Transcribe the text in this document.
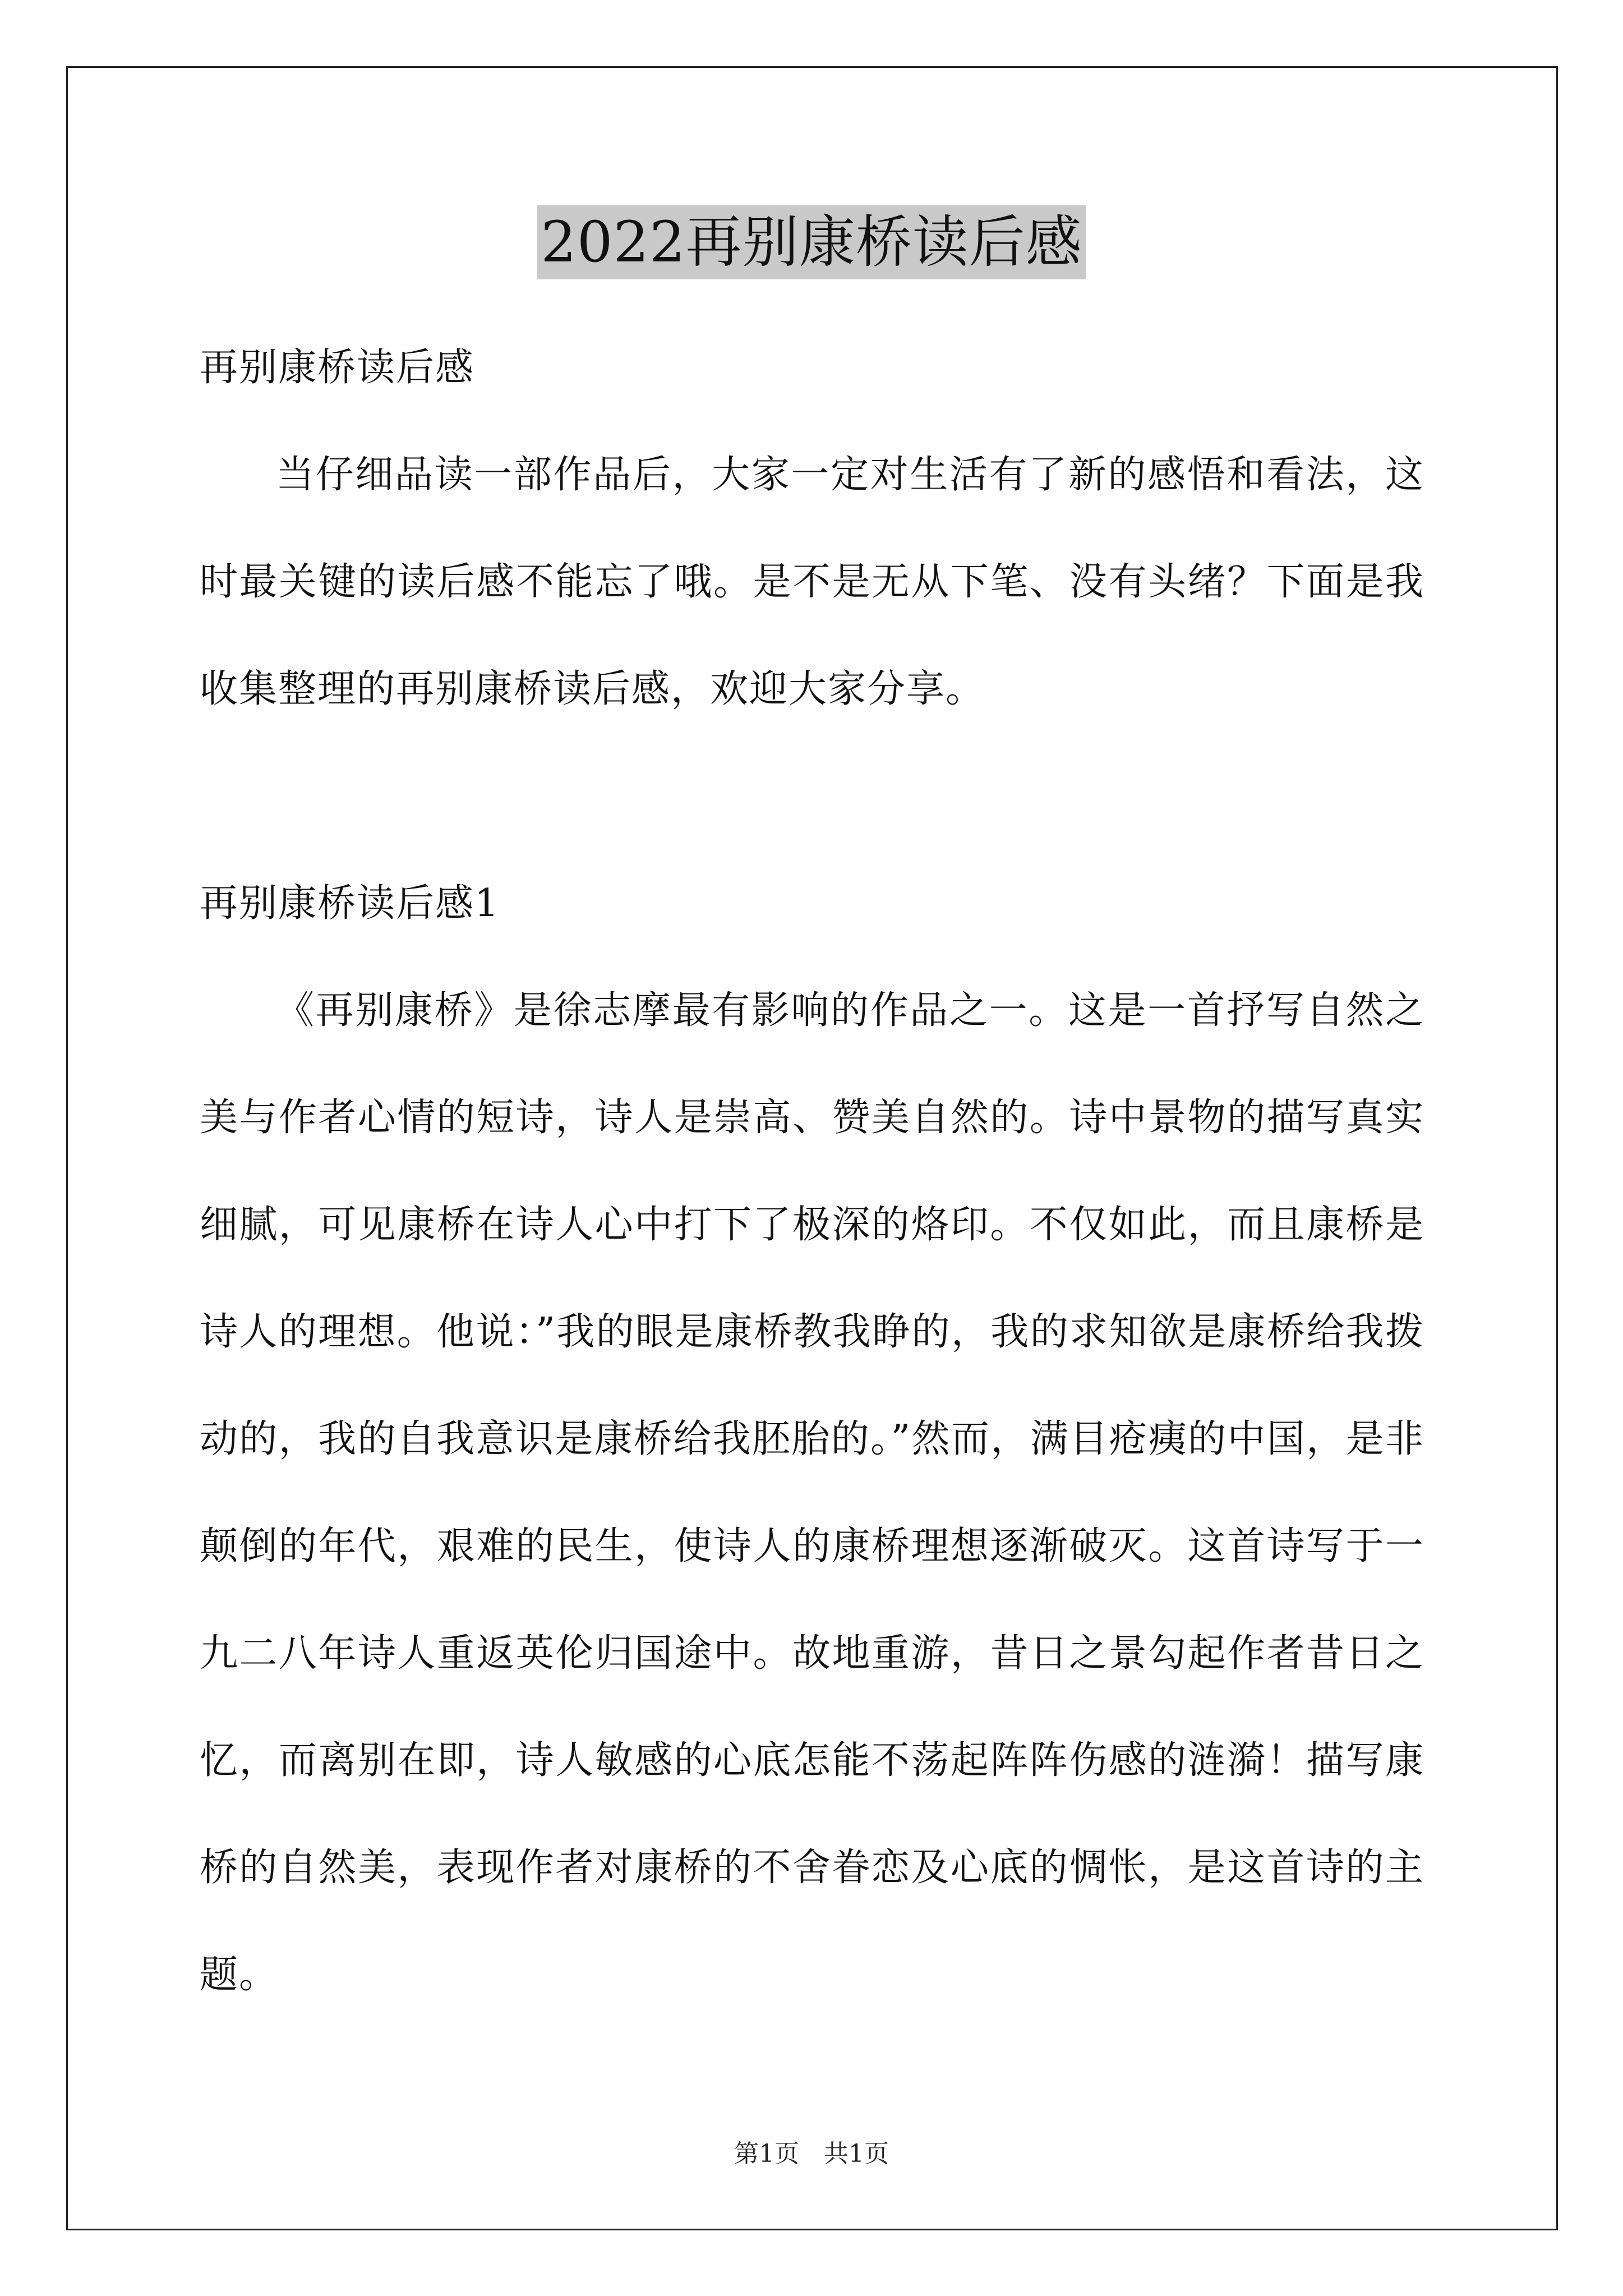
2022再别康桥读后感

再别康桥读后感

当仔细品读一部作品后，大家一定对生活有了新的感悟和看法，这时最关键的读后感不能忘了哦。是不是无从下笔、没有头绪？下面是我收集整理的再别康桥读后感，欢迎大家分享。

再别康桥读后感1

《再别康桥》是徐志摩最有影响的作品之一。这是一首抒写自然之美与作者心情的短诗，诗人是崇高、赞美自然的。诗中景物的描写真实细腻，可见康桥在诗人心中打下了极深的烙印。不仅如此，而且康桥是诗人的理想。他说：”我的眼是康桥教我睁的，我的求知欲是康桥给我拨动的，我的自我意识是康桥给我胚胎的。”然而，满目疮痍的中国，是非颠倒的年代，艰难的民生，使诗人的康桥理想逐渐破灭。这首诗写于一九二八年诗人重返英伦归国途中。故地重游，昔日之景勾起作者昔日之忆，而离别在即，诗人敏感的心底怎能不荡起阵阵伤感的涟漪！描写康桥的自然美，表现作者对康桥的不舍眷恋及心底的惆怅，是这首诗的主题。

第1页　共1页
